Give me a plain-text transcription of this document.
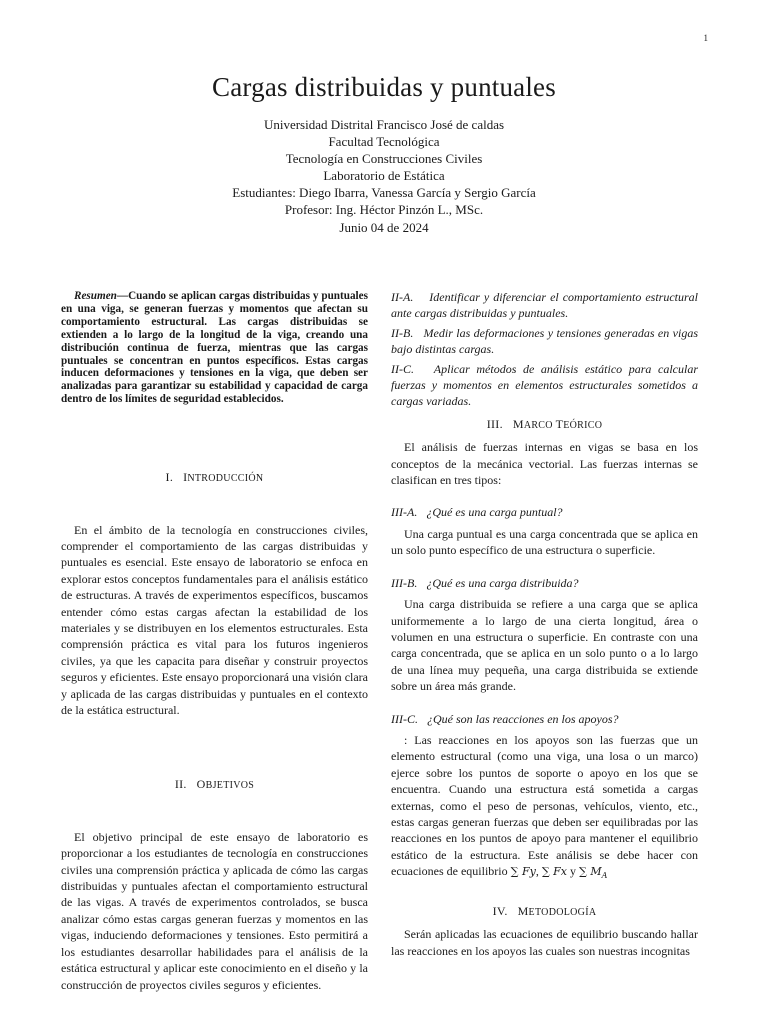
1
Cargas distribuidas y puntuales
Universidad Distrital Francisco José de caldas
Facultad Tecnológica
Tecnología en Construcciones Civiles
Laboratorio de Estática
Estudiantes: Diego Ibarra, Vanessa García y Sergio García
Profesor: Ing. Héctor Pinzón L., MSc.
Junio 04 de 2024

Resumen—Cuando se aplican cargas distribuidas y puntuales en una viga, se generan fuerzas y momentos que afectan su comportamiento estructural. Las cargas distribuidas se extienden a lo largo de la longitud de la viga, creando una distribución continua de fuerza, mientras que las cargas puntuales se concentran en puntos específicos. Estas cargas inducen deformaciones y tensiones en la viga, que deben ser analizadas para garantizar su estabilidad y capacidad de carga dentro de los límites de seguridad establecidos.

I. INTRODUCCIÓN

En el ámbito de la tecnología en construcciones civiles, comprender el comportamiento de las cargas distribuidas y puntuales es esencial. Este ensayo de laboratorio se enfoca en explorar estos conceptos fundamentales para el análisis estático de estructuras. A través de experimentos específicos, buscamos entender cómo estas cargas afectan la estabilidad de los materiales y se distribuyen en los elementos estructurales. Esta comprensión práctica es vital para los futuros ingenieros civiles, ya que les capacita para diseñar y construir proyectos seguros y eficientes. Este ensayo proporcionará una visión clara y aplicada de las cargas distribuidas y puntuales en el contexto de la estática estructural.

II. OBJETIVOS

El objetivo principal de este ensayo de laboratorio es proporcionar a los estudiantes de tecnología en construcciones civiles una comprensión práctica y aplicada de cómo las cargas distribuidas y puntuales afectan el comportamiento estructural de las vigas. A través de experimentos controlados, se busca analizar cómo estas cargas generan fuerzas y momentos en las vigas, induciendo deformaciones y tensiones. Esto permitirá a los estudiantes desarrollar habilidades para el análisis de la estática estructural y aplicar este conocimiento en el diseño y la construcción de proyectos civiles seguros y eficientes.

II-A. Identificar y diferenciar el comportamiento estructural ante cargas distribuidas y puntuales.

II-B. Medir las deformaciones y tensiones generadas en vigas bajo distintas cargas.

II-C. Aplicar métodos de análisis estático para calcular fuerzas y momentos en elementos estructurales sometidos a cargas variadas.

III. MARCO TEÓRICO

El análisis de fuerzas internas en vigas se basa en los conceptos de la mecánica vectorial. Las fuerzas internas se clasifican en tres tipos:

III-A. ¿Qué es una carga puntual?

Una carga puntual es una carga concentrada que se aplica en un solo punto específico de una estructura o superficie.

III-B. ¿Qué es una carga distribuida?

Una carga distribuida se refiere a una carga que se aplica uniformemente a lo largo de una cierta longitud, área o volumen en una estructura o superficie. En contraste con una carga concentrada, que se aplica en un solo punto o a lo largo de una línea muy pequeña, una carga distribuida se extiende sobre un área más grande.

III-C. ¿Qué son las reacciones en los apoyos?

: Las reacciones en los apoyos son las fuerzas que un elemento estructural (como una viga, una losa o un marco) ejerce sobre los puntos de soporte o apoyo en los que se encuentra. Cuando una estructura está sometida a cargas externas, como el peso de personas, vehículos, viento, etc., estas cargas generan fuerzas que deben ser equilibradas por las reacciones en los puntos de apoyo para mantener el equilibrio estático de la estructura. Este análisis se debe hacer con ecuaciones de equilibrio ∑ Fy, ∑ Fx y ∑ $M_A$

IV. METODOLOGÍA

Serán aplicadas las ecuaciones de equilibrio buscando hallar las reacciones en los apoyos las cuales son nuestras incognitas
